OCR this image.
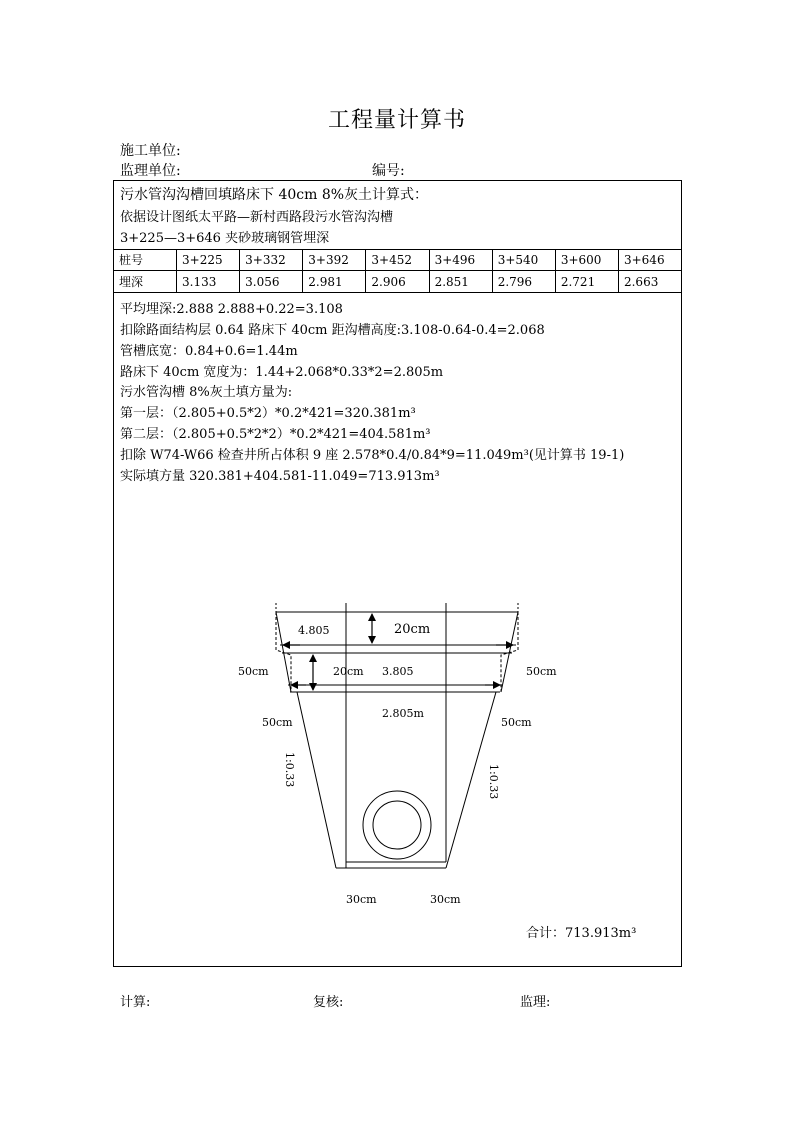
工程量计算书
施工单位:
监理单位:	编号:
污水管沟沟槽回填路床下 40cm 8%灰土计算式：
依据设计图纸太平路—新村西路段污水管沟沟槽
3+225—3+646 夹砂玻璃钢管埋深
桩号	3+225	3+332	3+392	3+452	3+496	3+540	3+600	3+646
埋深	3.133	3.056	2.981	2.906	2.851	2.796	2.721	2.663
平均埋深:2.888 2.888+0.22=3.108
扣除路面结构层 0.64 路床下 40cm 距沟槽高度:3.108-0.64-0.4=2.068
管槽底宽：0.84+0.6=1.44m
路床下 40cm 宽度为：1.44+2.068*0.33*2=2.805m
污水管沟槽 8%灰土填方量为:
第一层：（2.805+0.5*2）*0.2*421=320.381m³
第二层：（2.805+0.5*2*2）*0.2*421=404.581m³
扣除 W74-W66 检查井所占体积 9 座 2.578*0.4/0.84*9=11.049m³(见计算书 19-1)
实际填方量 320.381+404.581-11.049=713.913m³
4.805	20cm
20cm 3.805
2.805m
50cm	50cm
50cm	50cm
1:0.33	1:0.33
30cm	30cm
合计：713.913m³
计算:	复核:	监理:
